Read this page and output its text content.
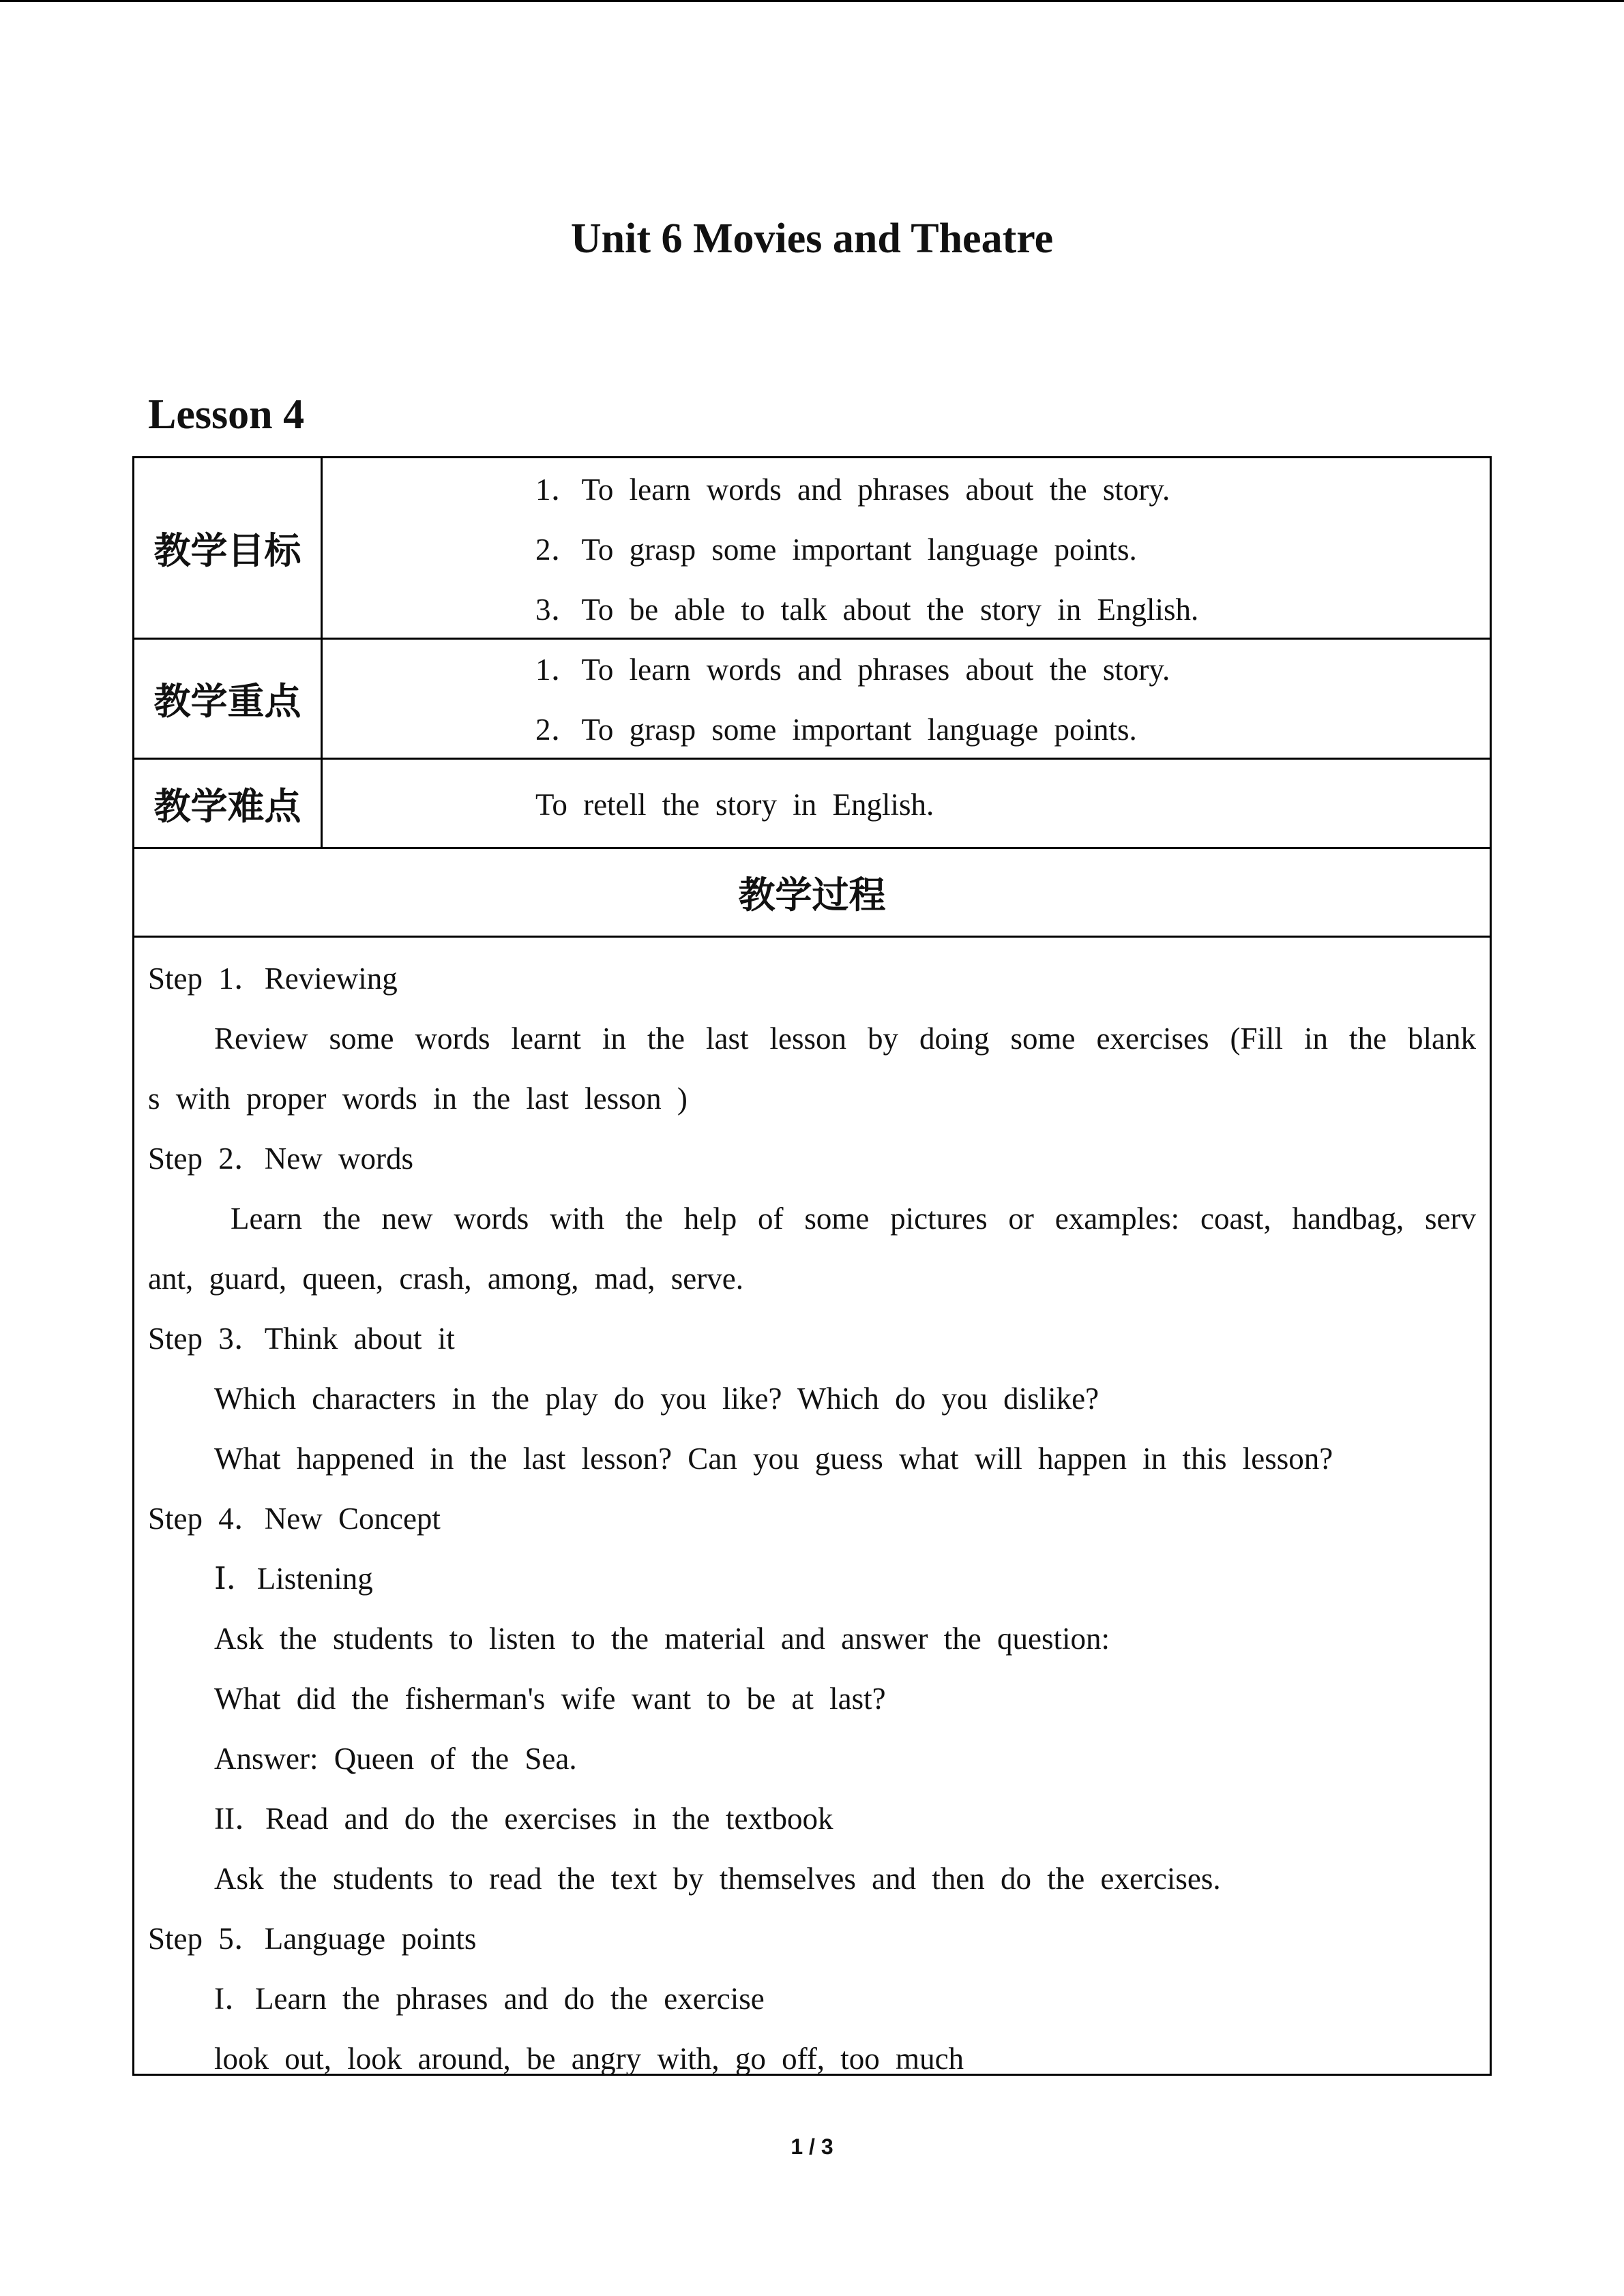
Unit 6 Movies and Theatre
Lesson 4
教学目标
1．To learn words and phrases about the story.
2．To grasp some important language points.
3．To be able to talk about the story in English.
教学重点
1．To learn words and phrases about the story.
2．To grasp some important language points.
教学难点	To retell the story in English.
教学过程
Step 1．Reviewing
Review some words learnt in the last lesson by doing some exercises (Fill in the blank
s with proper words in the last lesson )
Step 2．New words
Learn the new words with the help of some pictures or examples: coast, handbag, serv
ant, guard, queen, crash, among, mad, serve.
Step 3．Think about it
Which characters in the play do you like? Which do you dislike?
What happened in the last lesson? Can you guess what will happen in this lesson?
Step 4．New Concept
Ⅰ．Listening
Ask the students to listen to the material and answer the question:
What did the fisherman's wife want to be at last?
Answer: Queen of the Sea.
II．Read and do the exercises in the textbook
Ask the students to read the text by themselves and then do the exercises.
Step 5．Language points
I．Learn the phrases and do the exercise
look out, look around, be angry with, go off, too much
1 / 3
